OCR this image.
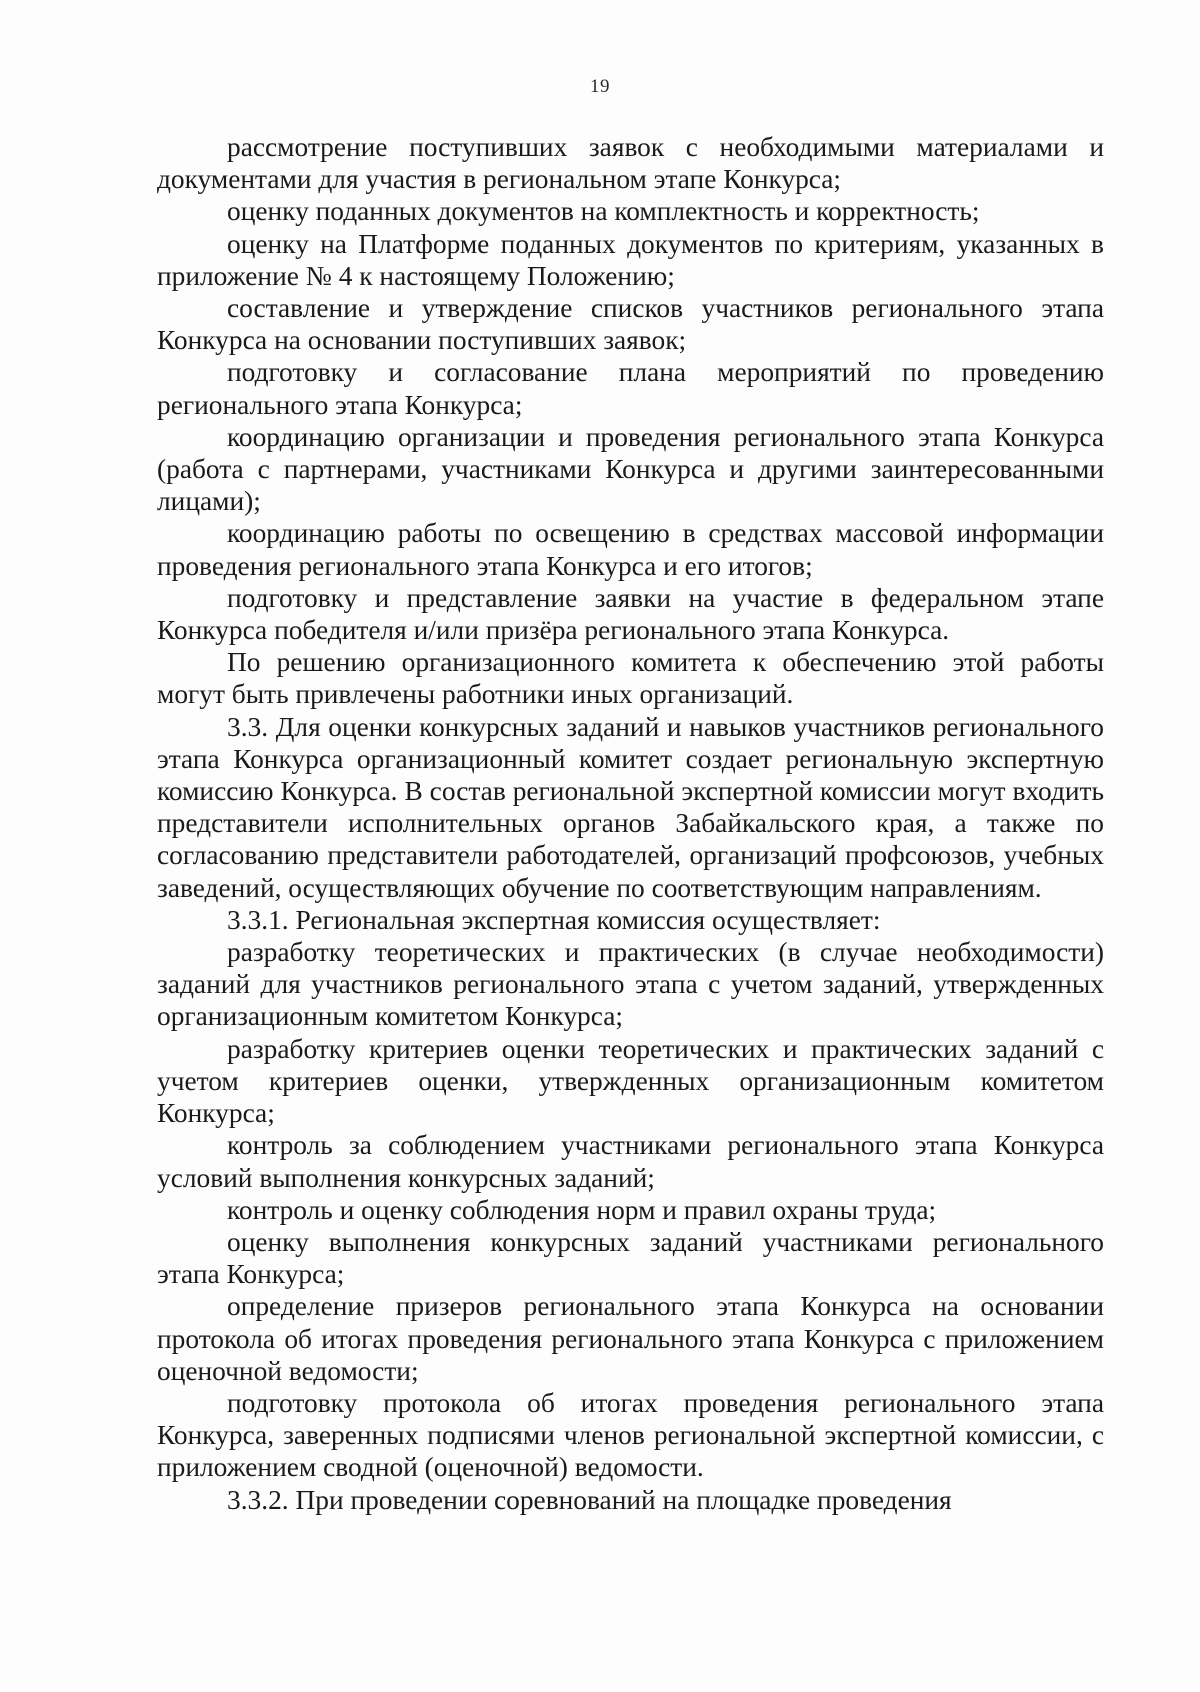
19

рассмотрение поступивших заявок с необходимыми материалами и документами для участия в региональном этапе Конкурса;

оценку поданных документов на комплектность и корректность;

оценку на Платформе поданных документов по критериям, указанных в приложение № 4 к настоящему Положению;

составление и утверждение списков участников регионального этапа Конкурса на основании поступивших заявок;

подготовку и согласование плана мероприятий по проведению регионального этапа Конкурса;

координацию организации и проведения регионального этапа Конкурса (работа с партнерами, участниками Конкурса и другими заинтересованными лицами);

координацию работы по освещению в средствах массовой информации проведения регионального этапа Конкурса и его итогов;

подготовку и представление заявки на участие в федеральном этапе Конкурса победителя и/или призёра регионального этапа Конкурса.

По решению организационного комитета к обеспечению этой работы могут быть привлечены работники иных организаций.

3.3. Для оценки конкурсных заданий и навыков участников регионального этапа Конкурса организационный комитет создает региональную экспертную комиссию Конкурса. В состав региональной экспертной комиссии могут входить представители исполнительных органов Забайкальского края, а также по согласованию представители работодателей, организаций профсоюзов, учебных заведений, осуществляющих обучение по соответствующим направлениям.

3.3.1. Региональная экспертная комиссия осуществляет:

разработку теоретических и практических (в случае необходимости) заданий для участников регионального этапа с учетом заданий, утвержденных организационным комитетом Конкурса;

разработку критериев оценки теоретических и практических заданий с учетом критериев оценки, утвержденных организационным комитетом Конкурса;

контроль за соблюдением участниками регионального этапа Конкурса условий выполнения конкурсных заданий;

контроль и оценку соблюдения норм и правил охраны труда;

оценку выполнения конкурсных заданий участниками регионального этапа Конкурса;

определение призеров регионального этапа Конкурса на основании протокола об итогах проведения регионального этапа Конкурса с приложением оценочной ведомости;

подготовку протокола об итогах проведения регионального этапа Конкурса, заверенных подписями членов региональной экспертной комиссии, с приложением сводной (оценочной) ведомости.

3.3.2. При проведении соревнований на площадке проведения
